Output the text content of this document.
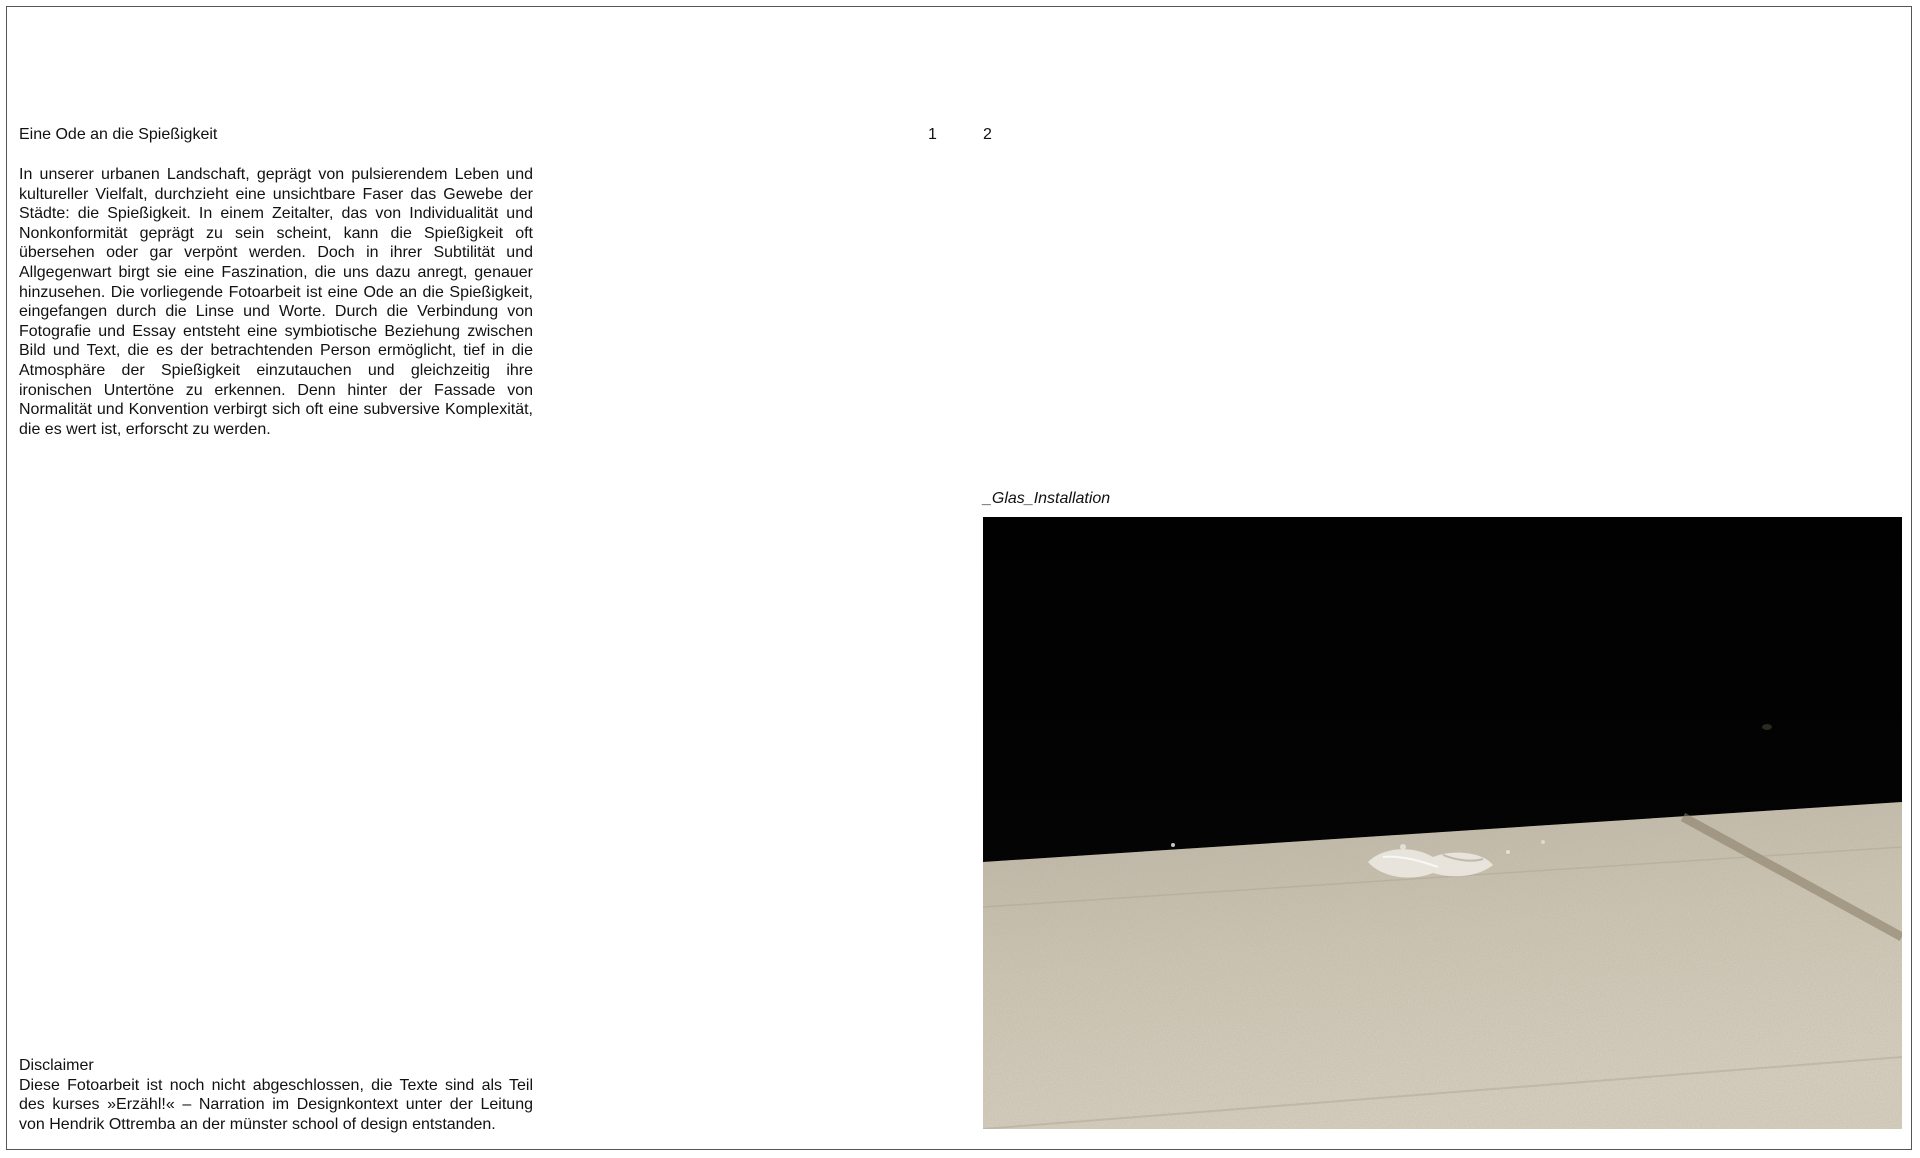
Eine Ode an die Spießigkeit

In unserer urbanen Landschaft, geprägt von pulsierendem Leben und kultureller Vielfalt, durchzieht eine unsichtbare Faser das Gewebe der Städte: die Spießigkeit. In einem Zeitalter, das von Individualität und Nonkonformität geprägt zu sein scheint, kann die Spießigkeit oft übersehen oder gar verpönt werden. Doch in ihrer Subtilität und Allgegenwart birgt sie eine Faszination, die uns dazu anregt, genauer hinzusehen. Die vorliegende Fotoarbeit ist eine Ode an die Spießigkeit, eingefangen durch die Linse und Worte. Durch die Verbindung von Fotografie und Essay entsteht eine symbiotische Beziehung zwischen Bild und Text, die es der betrachtenden Person ermöglicht, tief in die Atmosphäre der Spießigkeit einzutauchen und gleichzeitig ihre ironischen Untertöne zu erkennen. Denn hinter der Fassade von Normalität und Konvention verbirgt sich oft eine subversive Komplexität, die es wert ist, erforscht zu werden.

Disclaimer
Diese Fotoarbeit ist noch nicht abgeschlossen, die Texte sind als Teil des kurses »Erzähl!« – Narration im Designkontext unter der Leitung von Hendrik Ottremba an der münster school of design entstanden.
1	2
_Glas_Installation
